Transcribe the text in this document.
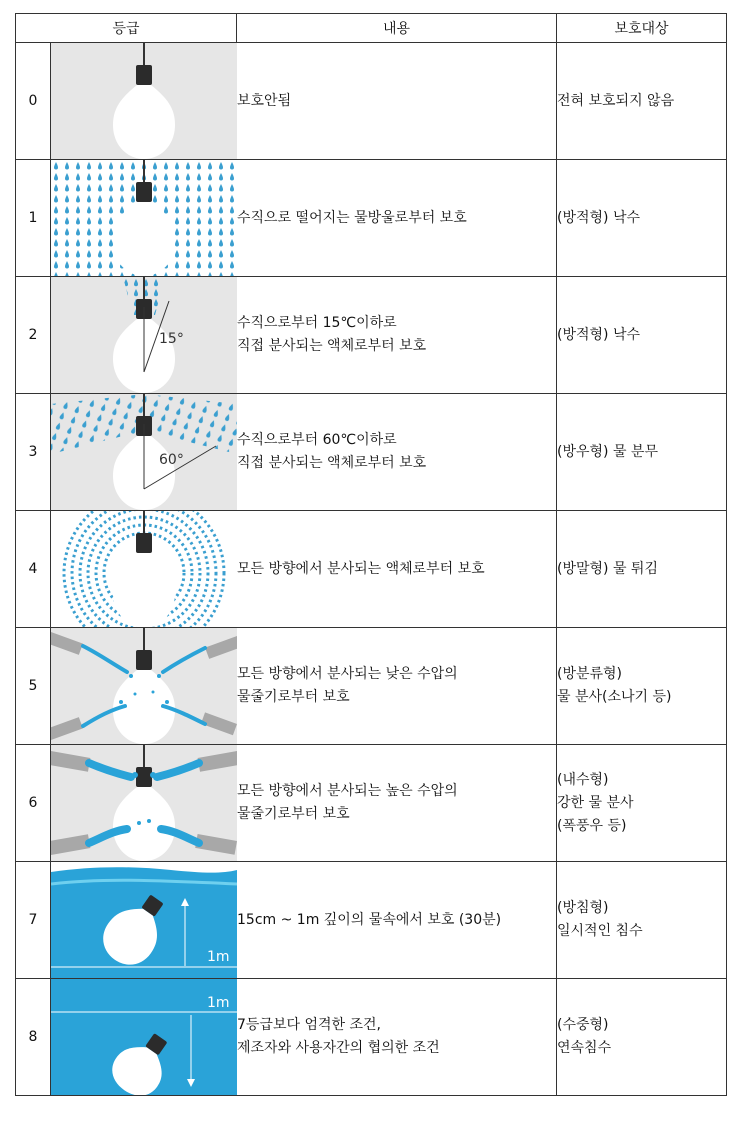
등급		내용	보호대상
0		보호안됨	전혀 보호되지 않음

1		수직으로 떨어지는 물방울로부터 보호	(방적형) 낙수

2	15°	수직으로부터 15℃이하로
직접 분사되는 액체로부터 보호	(방적형) 낙수

3	60°	수직으로부터 60℃이하로
직접 분사되는 액체로부터 보호	(방우형) 물 분무

4		모든 방향에서 분사되는 액체로부터 보호	(방말형) 물 튀김

5		모든 방향에서 분사되는 낮은 수압의
물줄기로부터 보호	(방분류형)
물 분사(소나기 등)

6		모든 방향에서 분사되는 높은 수압의
물줄기로부터 보호	(내수형)
강한 물 분사
(폭풍우 등)

7	1m	15cm ~ 1m 깊이의 물속에서 보호 (30분)	(방침형)
일시적인 침수

8	1m	7등급보다 엄격한 조건,
제조자와 사용자간의 협의한 조건	(수중형)
연속침수
